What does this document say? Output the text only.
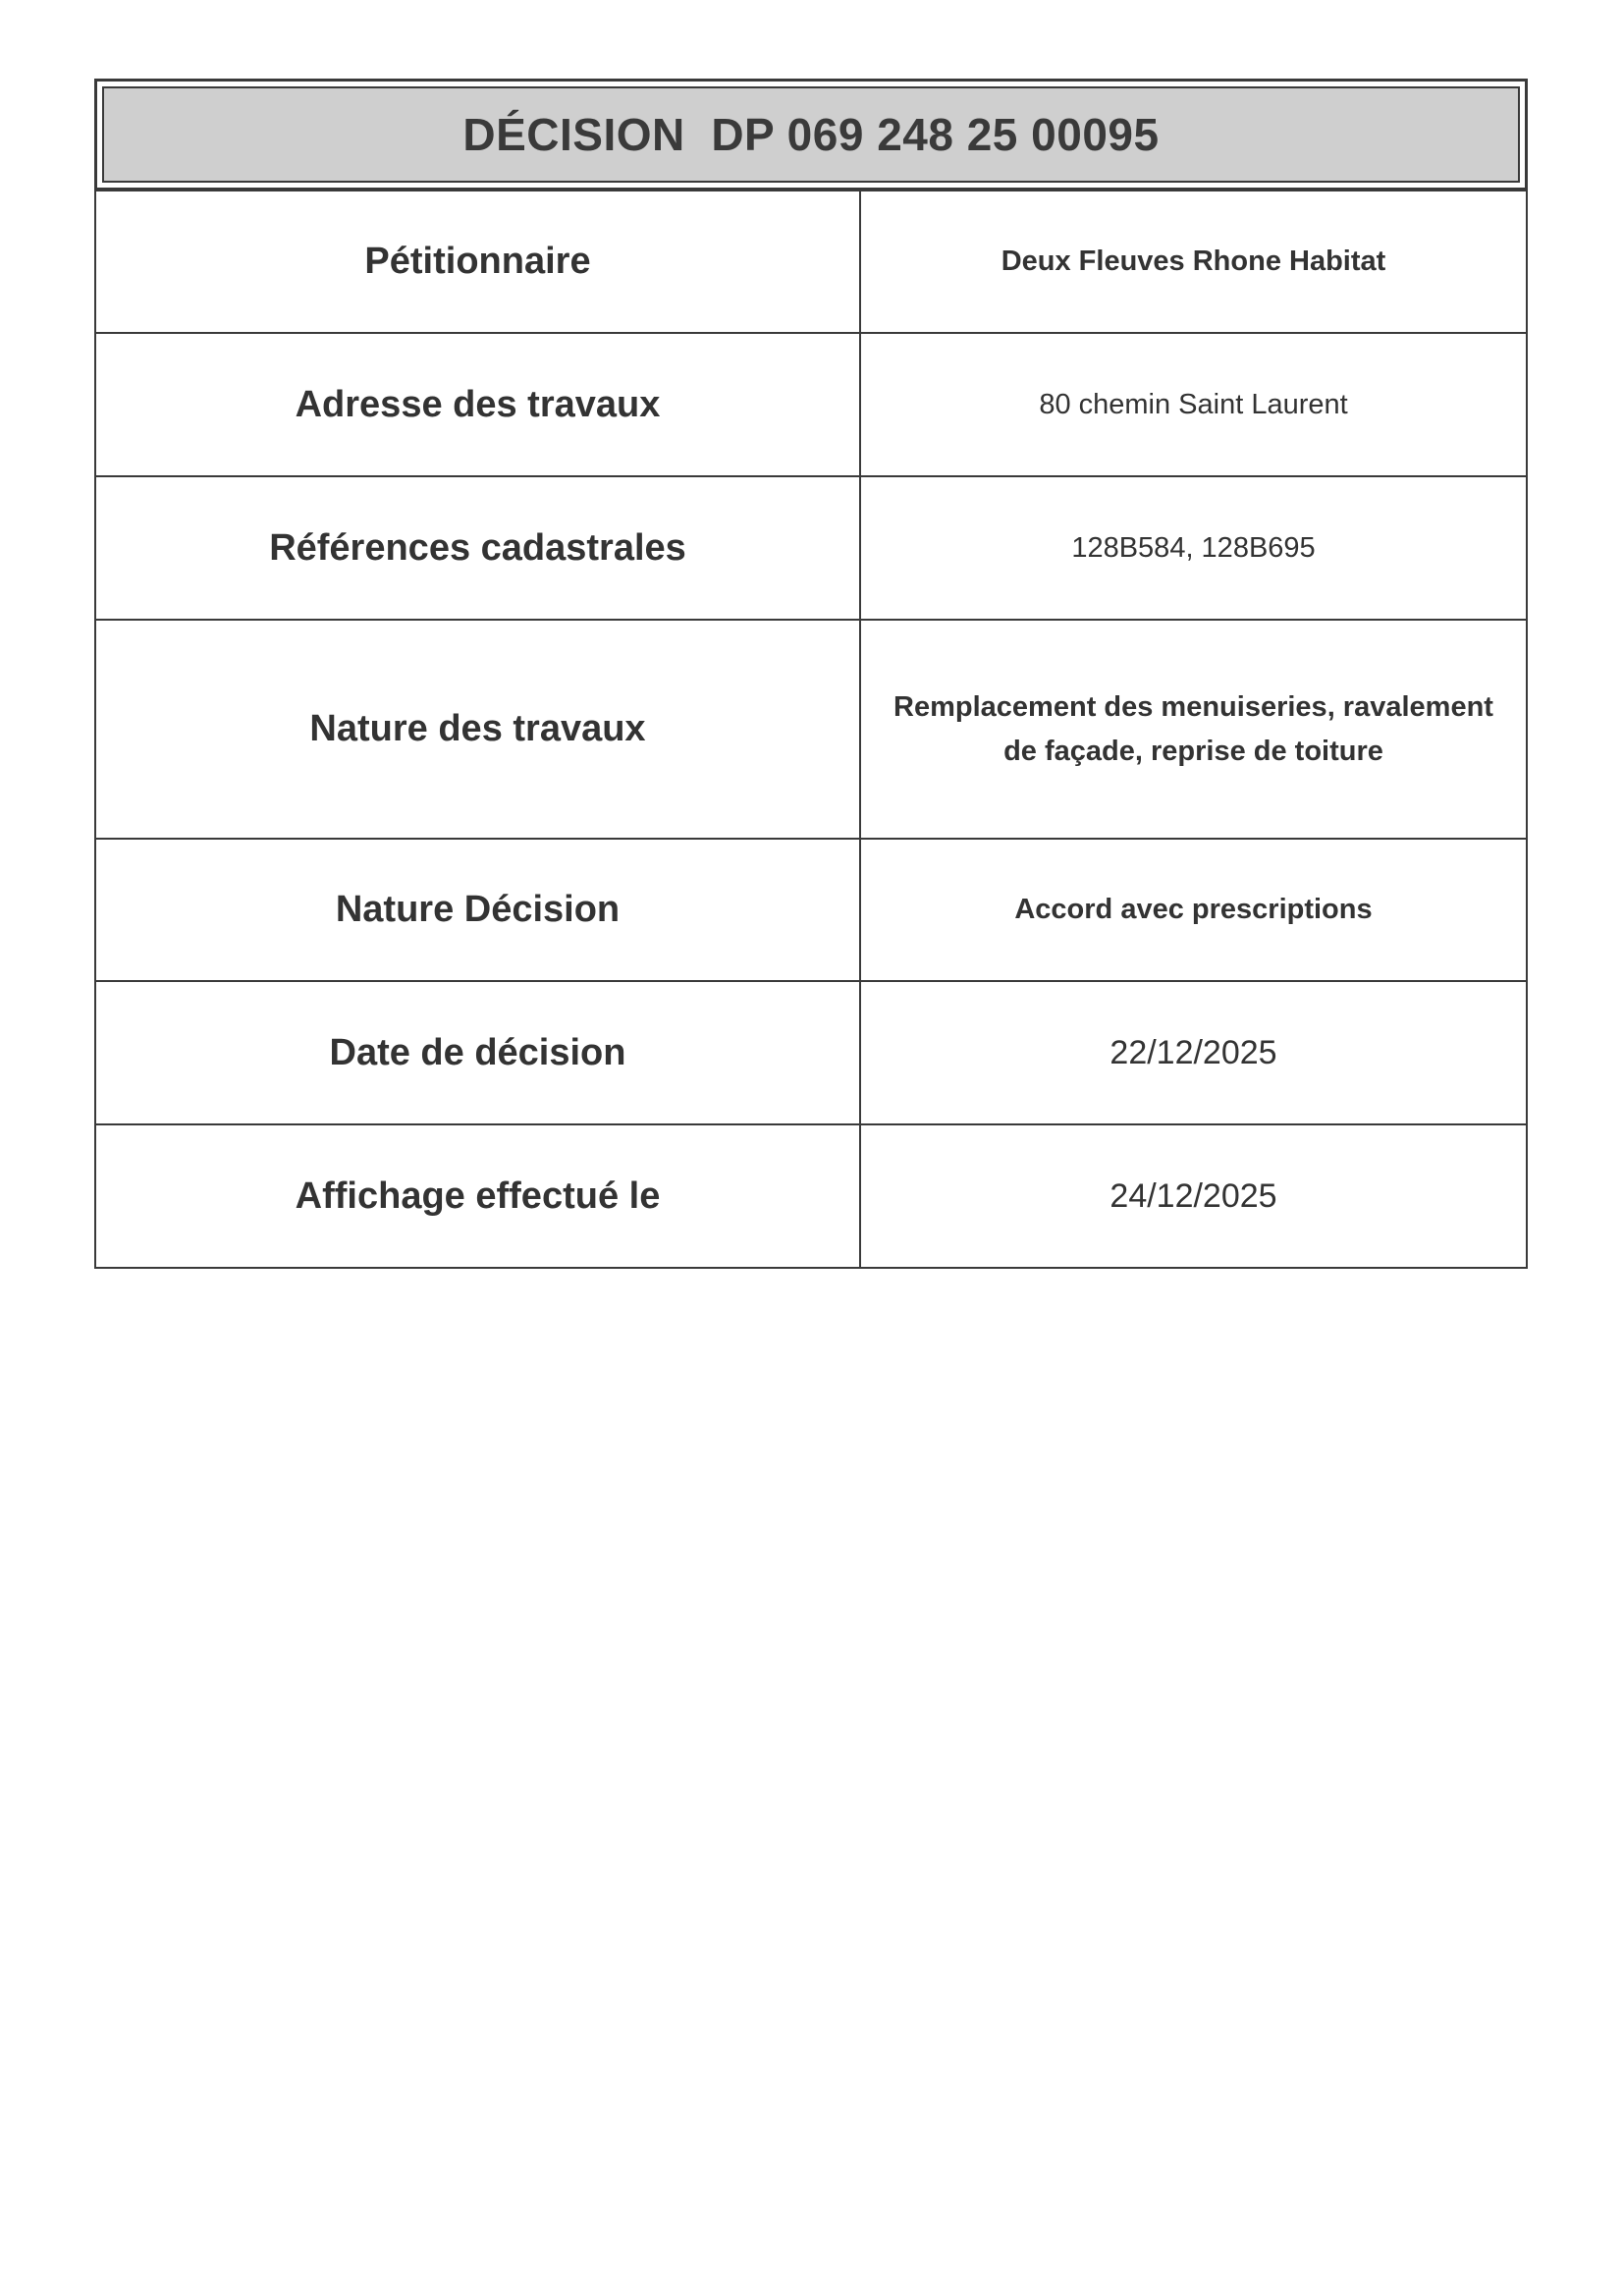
DÉCISION  DP 069 248 25 00095
Pétitionnaire	Deux Fleuves Rhone Habitat
Adresse des travaux	80 chemin Saint Laurent
Références cadastrales	128B584, 128B695
Nature des travaux	Remplacement des menuiseries, ravalement de façade, reprise de toiture
Nature Décision	Accord avec prescriptions
Date de décision	22/12/2025
Affichage effectué le	24/12/2025
